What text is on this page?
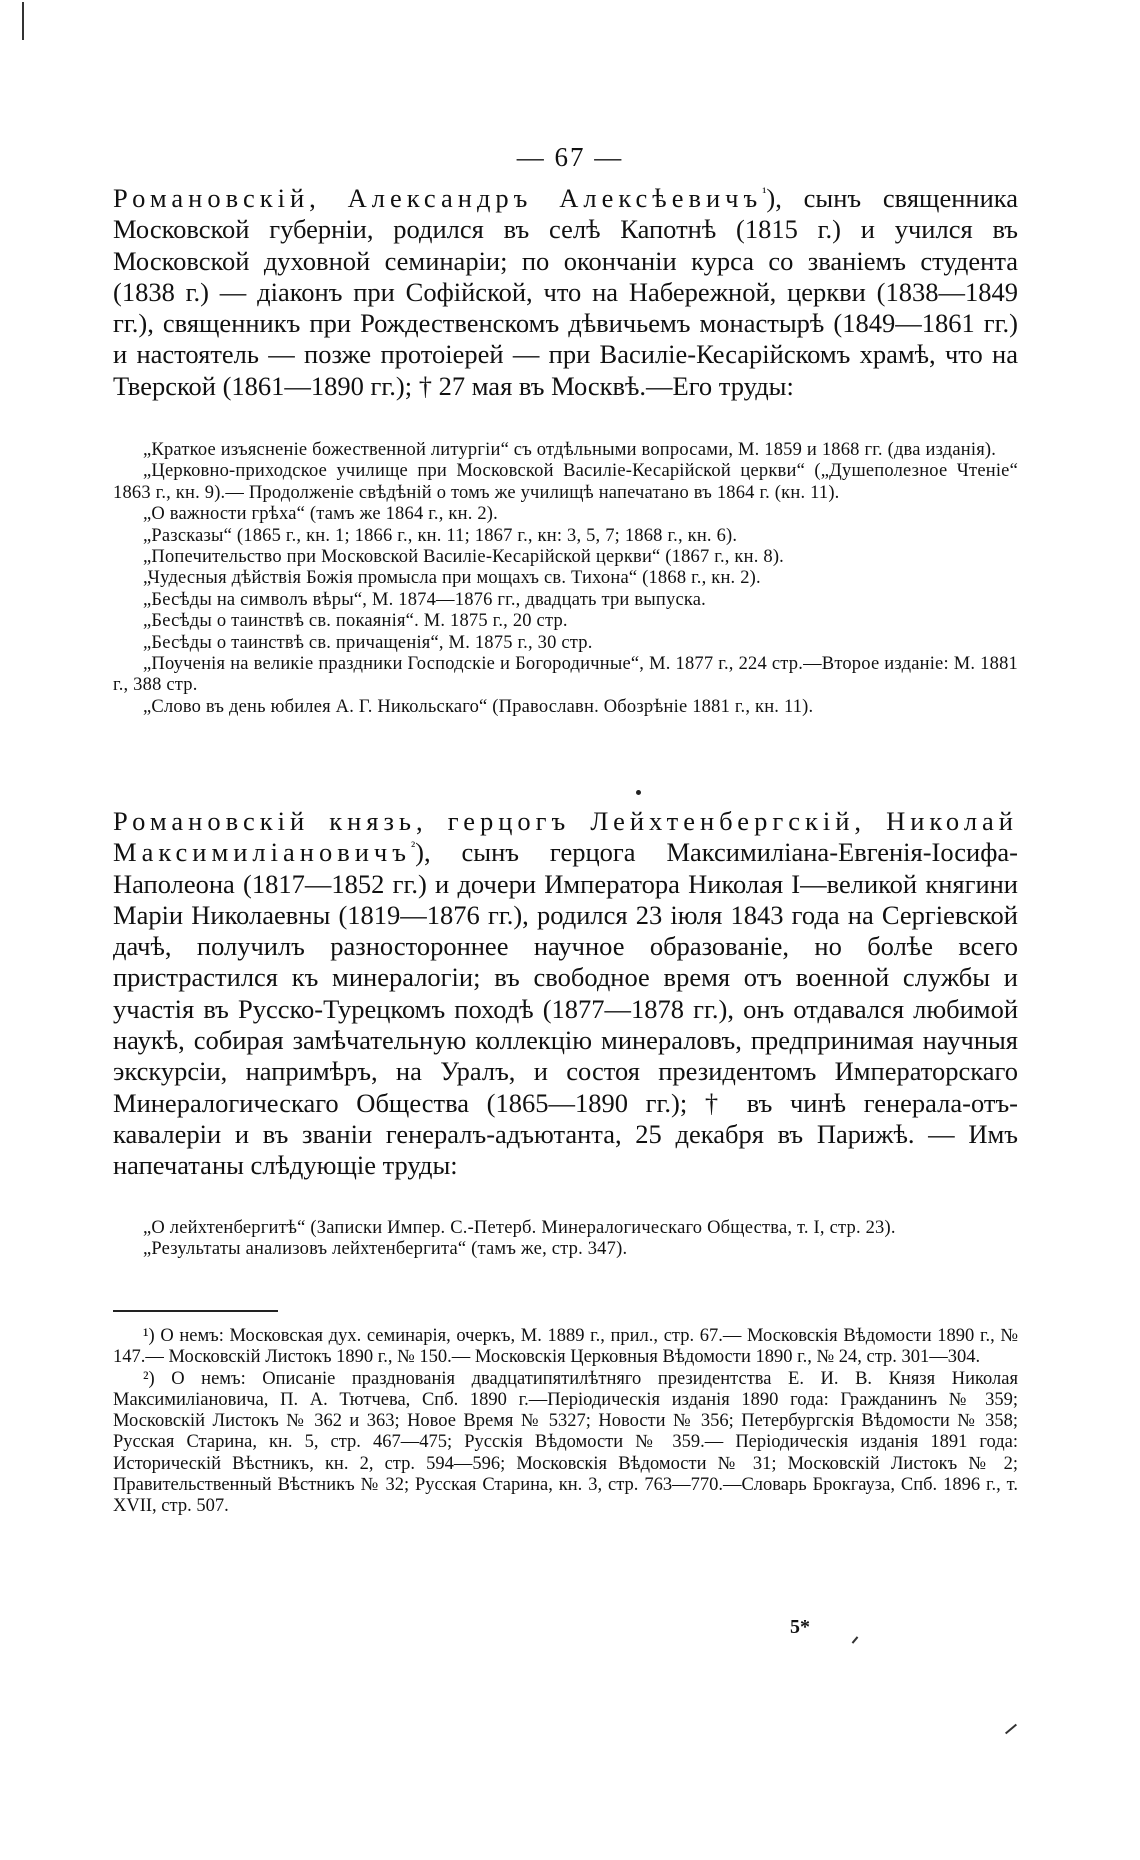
— 67 —
Романовскій, Александръ Алексѣевичъ$^{^1}$), сынъ священника Московской губерніи, родился въ селѣ Капотнѣ (1815 г.) и учился въ Московской духовной семинаріи; по окончаніи курса со званіемъ студента (1838 г.) — діаконъ при Софійской, что на Набережной, церкви (1838—1849 гг.), священникъ при Рождественскомъ дѣвичьемъ монастырѣ (1849—1861 гг.) и настоятель — позже протоіерей — при Василіе-Кесарійскомъ храмѣ, что на Тверской (1861—1890 гг.); † 27 мая въ Москвѣ.—Его труды:

„Краткое изъясненіе божественной литургіи“ съ отдѣльными вопросами, М. 1859 и 1868 гг. (два изданія).

„Церковно-приходское училище при Московской Василіе-Кесарійской церкви“ („Душеполезное Чтеніе“ 1863 г., кн. 9).— Продолженіе свѣдѣній о томъ же училищѣ напечатано въ 1864 г. (кн. 11).

„О важности грѣха“ (тамъ же 1864 г., кн. 2).

„Разсказы“ (1865 г., кн. 1; 1866 г., кн. 11; 1867 г., кн: 3, 5, 7; 1868 г., кн. 6).

„Попечительство при Московской Василіе-Кесарійской церкви“ (1867 г., кн. 8).

„Чудесныя дѣйствія Божія промысла при мощахъ св. Тихона“ (1868 г., кн. 2).

„Бесѣды на символъ вѣры“, М. 1874—1876 гг., двадцать три выпуска.

„Бесѣды о таинствѣ св. покаянія“. М. 1875 г., 20 стр.

„Бесѣды о таинствѣ св. причащенія“, М. 1875 г., 30 стр.

„Поученія на великіе праздники Господскіе и Богородичные“, М. 1877 г., 224 стр.—Второе изданіе: М. 1881 г., 388 стр.

„Слово въ день юбилея А. Г. Никольскаго“ (Православн. Обозрѣніе 1881 г., кн. 11).

Романовскій князь, герцогъ Лейхтенбергскій, Николай Максимиліановичъ$^{^2}$), сынъ герцога Максимиліана-Евгенія-Іосифа-Наполеона (1817—1852 гг.) и дочери Императора Николая I—великой княгини Маріи Николаевны (1819—1876 гг.), родился 23 іюля 1843 года на Сергіевской дачѣ, получилъ разностороннее научное образованіе, но болѣе всего пристрастился къ минералогіи; въ свободное время отъ военной службы и участія въ Русско-Турецкомъ походѣ (1877—1878 гг.), онъ отдавался любимой наукѣ, собирая замѣчательную коллекцію минераловъ, предпринимая научныя экскурсіи, напримѣръ, на Уралъ, и состоя президентомъ Императорскаго Минералогическаго Общества (1865—1890 гг.); † въ чинѣ генерала-отъ-кавалеріи и въ званіи генералъ-адъютанта, 25 декабря въ Парижѣ. — Имъ напечатаны слѣдующіе труды:

„О лейхтенбергитѣ“ (Записки Импер. С.-Петерб. Минералогическаго Общества, т. I, стр. 23).

„Результаты анализовъ лейхтенбергита“ (тамъ же, стр. 347).

¹) О немъ: Московская дух. семинарія, очеркъ, М. 1889 г., прил., стр. 67.— Московскія Вѣдомости 1890 г., № 147.— Московскій Листокъ 1890 г., № 150.— Московскія Церковныя Вѣдомости 1890 г., № 24, стр. 301—304.

²) О немъ: Описаніе празднованія двадцатипятилѣтняго президентства Е. И. В. Князя Николая Максимиліановича, П. А. Тютчева, Спб. 1890 г.—Періодическія изданія 1890 года: Гражданинъ № 359; Московскій Листокъ № 362 и 363; Новое Время № 5327; Новости № 356; Петербургскія Вѣдомости № 358; Русская Старина, кн. 5, стр. 467—475; Русскія Вѣдомости № 359.— Періодическія изданія 1891 года: Историческій Вѣстникъ, кн. 2, стр. 594—596; Московскія Вѣдомости № 31; Московскій Листокъ № 2; Правительственный Вѣстникъ № 32; Русская Старина, кн. 3, стр. 763—770.—Словарь Брокгауза, Спб. 1896 г., т. XVII, стр. 507.

5*
